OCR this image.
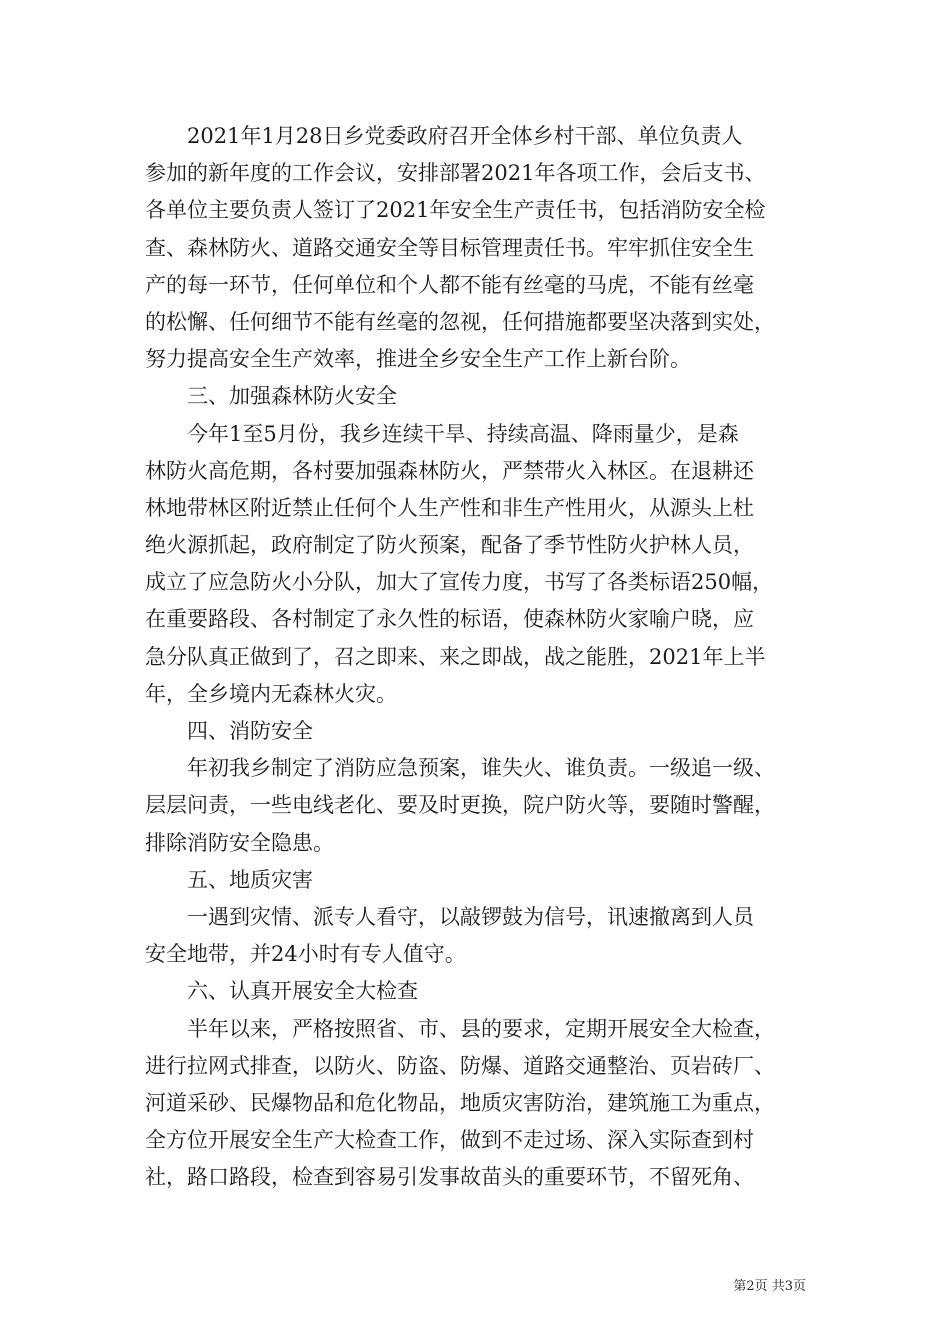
　　2021年1月28日乡党委政府召开全体乡村干部、单位负责人
参加的新年度的工作会议，安排部署2021年各项工作，会后支书、
各单位主要负责人签订了2021年安全生产责任书，包括消防安全检
查、森林防火、道路交通安全等目标管理责任书。牢牢抓住安全生
产的每一环节，任何单位和个人都不能有丝毫的马虎，不能有丝毫
的松懈、任何细节不能有丝毫的忽视，任何措施都要坚决落到实处，
努力提高安全生产效率，推进全乡安全生产工作上新台阶。
　　三、加强森林防火安全
　　今年1至5月份，我乡连续干旱、持续高温、降雨量少，是森
林防火高危期，各村要加强森林防火，严禁带火入林区。在退耕还
林地带林区附近禁止任何个人生产性和非生产性用火，从源头上杜
绝火源抓起，政府制定了防火预案，配备了季节性防火护林人员，
成立了应急防火小分队，加大了宣传力度，书写了各类标语250幅，
在重要路段、各村制定了永久性的标语，使森林防火家喻户晓，应
急分队真正做到了，召之即来、来之即战，战之能胜，2021年上半
年，全乡境内无森林火灾。
　　四、消防安全
　　年初我乡制定了消防应急预案，谁失火、谁负责。一级追一级、
层层问责，一些电线老化、要及时更换，院户防火等，要随时警醒，
排除消防安全隐患。
　　五、地质灾害
　　一遇到灾情、派专人看守，以敲锣鼓为信号，讯速撤离到人员
安全地带，并24小时有专人值守。
　　六、认真开展安全大检查
　　半年以来，严格按照省、市、县的要求，定期开展安全大检查，
进行拉网式排查，以防火、防盗、防爆、道路交通整治、页岩砖厂、
河道采砂、民爆物品和危化物品，地质灾害防治，建筑施工为重点，
全方位开展安全生产大检查工作，做到不走过场、深入实际查到村
社，路口路段，检查到容易引发事故苗头的重要环节，不留死角、
第2页 共3页
